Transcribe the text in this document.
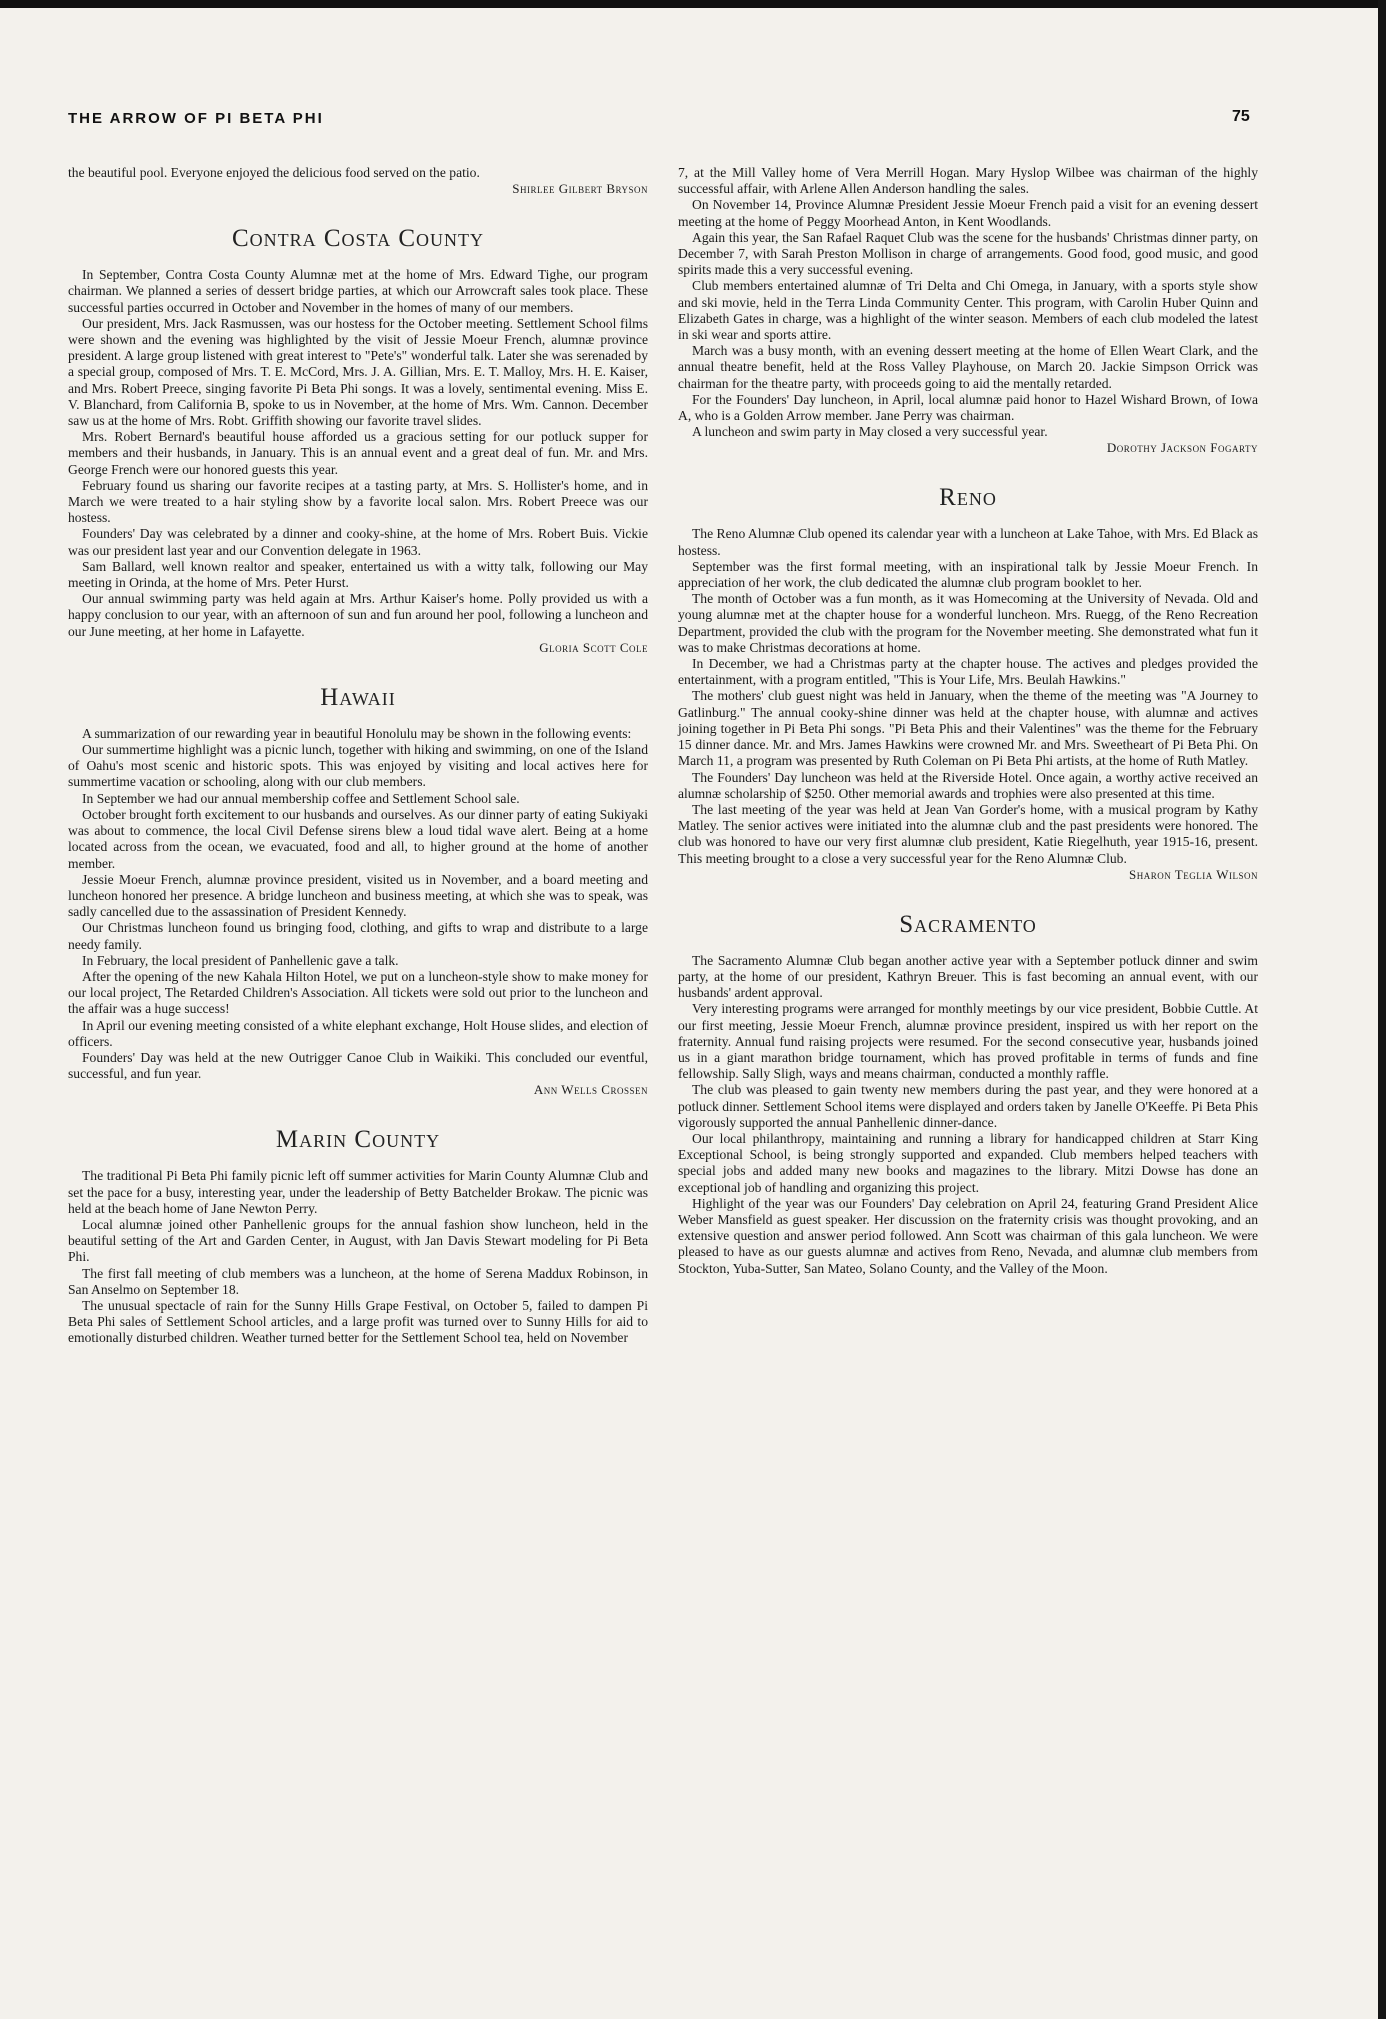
THE ARROW OF PI BETA PHI	75

the beautiful pool. Everyone enjoyed the delicious food served on the patio.

Shirlee Gilbert Bryson
Contra Costa County

In September, Contra Costa County Alumnæ met at the home of Mrs. Edward Tighe, our program chairman. We planned a series of dessert bridge parties, at which our Arrowcraft sales took place. These successful parties occurred in October and November in the homes of many of our members.

Our president, Mrs. Jack Rasmussen, was our hostess for the October meeting. Settlement School films were shown and the evening was highlighted by the visit of Jessie Moeur French, alumnæ province president. A large group listened with great interest to "Pete's" wonderful talk. Later she was serenaded by a special group, composed of Mrs. T. E. McCord, Mrs. J. A. Gillian, Mrs. E. T. Malloy, Mrs. H. E. Kaiser, and Mrs. Robert Preece, singing favorite Pi Beta Phi songs. It was a lovely, sentimental evening. Miss E. V. Blanchard, from California B, spoke to us in November, at the home of Mrs. Wm. Cannon. December saw us at the home of Mrs. Robt. Griffith showing our favorite travel slides.

Mrs. Robert Bernard's beautiful house afforded us a gracious setting for our potluck supper for members and their husbands, in January. This is an annual event and a great deal of fun. Mr. and Mrs. George French were our honored guests this year.

February found us sharing our favorite recipes at a tasting party, at Mrs. S. Hollister's home, and in March we were treated to a hair styling show by a favorite local salon. Mrs. Robert Preece was our hostess.

Founders' Day was celebrated by a dinner and cooky-shine, at the home of Mrs. Robert Buis. Vickie was our president last year and our Convention delegate in 1963.

Sam Ballard, well known realtor and speaker, entertained us with a witty talk, following our May meeting in Orinda, at the home of Mrs. Peter Hurst.

Our annual swimming party was held again at Mrs. Arthur Kaiser's home. Polly provided us with a happy conclusion to our year, with an afternoon of sun and fun around her pool, following a luncheon and our June meeting, at her home in Lafayette.

Gloria Scott Cole
Hawaii

A summarization of our rewarding year in beautiful Honolulu may be shown in the following events:

Our summertime highlight was a picnic lunch, together with hiking and swimming, on one of the Island of Oahu's most scenic and historic spots. This was enjoyed by visiting and local actives here for summertime vacation or schooling, along with our club members.

In September we had our annual membership coffee and Settlement School sale.

October brought forth excitement to our husbands and ourselves. As our dinner party of eating Sukiyaki was about to commence, the local Civil Defense sirens blew a loud tidal wave alert. Being at a home located across from the ocean, we evacuated, food and all, to higher ground at the home of another member.

Jessie Moeur French, alumnæ province president, visited us in November, and a board meeting and luncheon honored her presence. A bridge luncheon and business meeting, at which she was to speak, was sadly cancelled due to the assassination of President Kennedy.

Our Christmas luncheon found us bringing food, clothing, and gifts to wrap and distribute to a large needy family.

In February, the local president of Panhellenic gave a talk.

After the opening of the new Kahala Hilton Hotel, we put on a luncheon-style show to make money for our local project, The Retarded Children's Association. All tickets were sold out prior to the luncheon and the affair was a huge success!

In April our evening meeting consisted of a white elephant exchange, Holt House slides, and election of officers.

Founders' Day was held at the new Outrigger Canoe Club in Waikiki. This concluded our eventful, successful, and fun year.

Ann Wells Crossen
Marin County

The traditional Pi Beta Phi family picnic left off summer activities for Marin County Alumnæ Club and set the pace for a busy, interesting year, under the leadership of Betty Batchelder Brokaw. The picnic was held at the beach home of Jane Newton Perry.

Local alumnæ joined other Panhellenic groups for the annual fashion show luncheon, held in the beautiful setting of the Art and Garden Center, in August, with Jan Davis Stewart modeling for Pi Beta Phi.

The first fall meeting of club members was a luncheon, at the home of Serena Maddux Robinson, in San Anselmo on September 18.

The unusual spectacle of rain for the Sunny Hills Grape Festival, on October 5, failed to dampen Pi Beta Phi sales of Settlement School articles, and a large profit was turned over to Sunny Hills for aid to emotionally disturbed children. Weather turned better for the Settlement School tea, held on November

7, at the Mill Valley home of Vera Merrill Hogan. Mary Hyslop Wilbee was chairman of the highly successful affair, with Arlene Allen Anderson handling the sales.

On November 14, Province Alumnæ President Jessie Moeur French paid a visit for an evening dessert meeting at the home of Peggy Moorhead Anton, in Kent Woodlands.

Again this year, the San Rafael Raquet Club was the scene for the husbands' Christmas dinner party, on December 7, with Sarah Preston Mollison in charge of arrangements. Good food, good music, and good spirits made this a very successful evening.

Club members entertained alumnæ of Tri Delta and Chi Omega, in January, with a sports style show and ski movie, held in the Terra Linda Community Center. This program, with Carolin Huber Quinn and Elizabeth Gates in charge, was a highlight of the winter season. Members of each club modeled the latest in ski wear and sports attire.

March was a busy month, with an evening dessert meeting at the home of Ellen Weart Clark, and the annual theatre benefit, held at the Ross Valley Playhouse, on March 20. Jackie Simpson Orrick was chairman for the theatre party, with proceeds going to aid the mentally retarded.

For the Founders' Day luncheon, in April, local alumnæ paid honor to Hazel Wishard Brown, of Iowa A, who is a Golden Arrow member. Jane Perry was chairman.

A luncheon and swim party in May closed a very successful year.

Dorothy Jackson Fogarty
Reno

The Reno Alumnæ Club opened its calendar year with a luncheon at Lake Tahoe, with Mrs. Ed Black as hostess.

September was the first formal meeting, with an inspirational talk by Jessie Moeur French. In appreciation of her work, the club dedicated the alumnæ club program booklet to her.

The month of October was a fun month, as it was Homecoming at the University of Nevada. Old and young alumnæ met at the chapter house for a wonderful luncheon. Mrs. Ruegg, of the Reno Recreation Department, provided the club with the program for the November meeting. She demonstrated what fun it was to make Christmas decorations at home.

In December, we had a Christmas party at the chapter house. The actives and pledges provided the entertainment, with a program entitled, "This is Your Life, Mrs. Beulah Hawkins."

The mothers' club guest night was held in January, when the theme of the meeting was "A Journey to Gatlinburg." The annual cooky-shine dinner was held at the chapter house, with alumnæ and actives joining together in Pi Beta Phi songs. "Pi Beta Phis and their Valentines" was the theme for the February 15 dinner dance. Mr. and Mrs. James Hawkins were crowned Mr. and Mrs. Sweetheart of Pi Beta Phi. On March 11, a program was presented by Ruth Coleman on Pi Beta Phi artists, at the home of Ruth Matley.

The Founders' Day luncheon was held at the Riverside Hotel. Once again, a worthy active received an alumnæ scholarship of $250. Other memorial awards and trophies were also presented at this time.

The last meeting of the year was held at Jean Van Gorder's home, with a musical program by Kathy Matley. The senior actives were initiated into the alumnæ club and the past presidents were honored. The club was honored to have our very first alumnæ club president, Katie Riegelhuth, year 1915-16, present. This meeting brought to a close a very successful year for the Reno Alumnæ Club.

Sharon Teglia Wilson
Sacramento

The Sacramento Alumnæ Club began another active year with a September potluck dinner and swim party, at the home of our president, Kathryn Breuer. This is fast becoming an annual event, with our husbands' ardent approval.

Very interesting programs were arranged for monthly meetings by our vice president, Bobbie Cuttle. At our first meeting, Jessie Moeur French, alumnæ province president, inspired us with her report on the fraternity. Annual fund raising projects were resumed. For the second consecutive year, husbands joined us in a giant marathon bridge tournament, which has proved profitable in terms of funds and fine fellowship. Sally Sligh, ways and means chairman, conducted a monthly raffle.

The club was pleased to gain twenty new members during the past year, and they were honored at a potluck dinner. Settlement School items were displayed and orders taken by Janelle O'Keeffe. Pi Beta Phis vigorously supported the annual Panhellenic dinner-dance.

Our local philanthropy, maintaining and running a library for handicapped children at Starr King Exceptional School, is being strongly supported and expanded. Club members helped teachers with special jobs and added many new books and magazines to the library. Mitzi Dowse has done an exceptional job of handling and organizing this project.

Highlight of the year was our Founders' Day celebration on April 24, featuring Grand President Alice Weber Mansfield as guest speaker. Her discussion on the fraternity crisis was thought provoking, and an extensive question and answer period followed. Ann Scott was chairman of this gala luncheon. We were pleased to have as our guests alumnæ and actives from Reno, Nevada, and alumnæ club members from Stockton, Yuba-Sutter, San Mateo, Solano County, and the Valley of the Moon.
